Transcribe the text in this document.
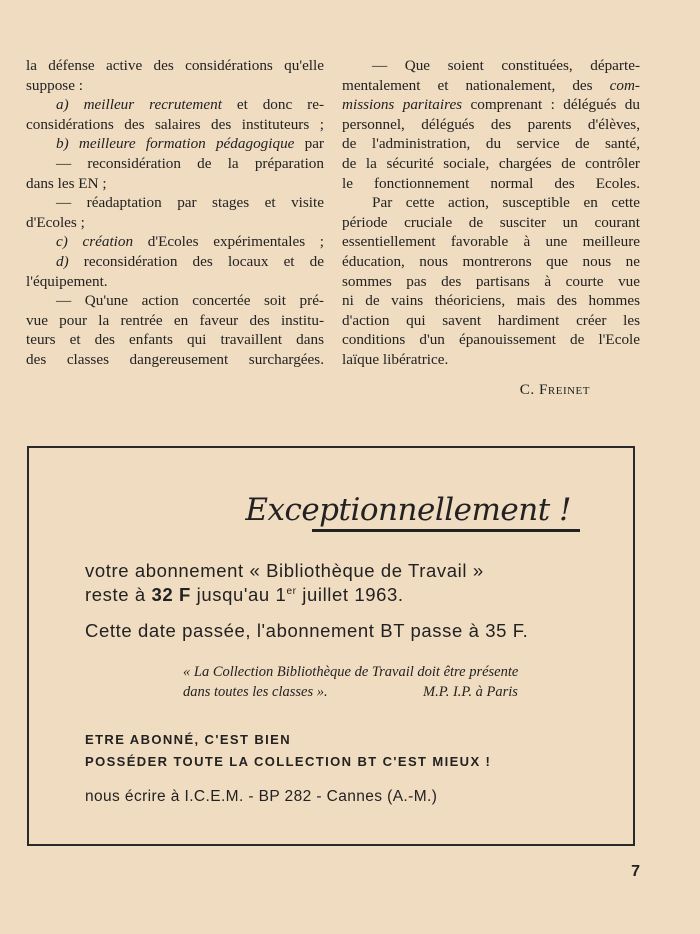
la défense active des considérations qu'elle

suppose :

a) meilleur recrutement et donc re-

considérations des salaires des instituteurs ;

b) meilleure formation pédagogique par

— reconsidération de la préparation

dans les EN ;

— réadaptation par stages et visite

d'Ecoles ;

c) création d'Ecoles expérimentales ;

d) reconsidération des locaux et de

l'équipement.

— Qu'une action concertée soit pré-

vue pour la rentrée en faveur des institu-

teurs et des enfants qui travaillent dans

des classes dangereusement surchargées.

— Que soient constituées, départe-

mentalement et nationalement, des com-

missions paritaires comprenant : délégués du

personnel, délégués des parents d'élèves,

de l'administration, du service de santé,

de la sécurité sociale, chargées de contrôler

le fonctionnement normal des Ecoles.

Par cette action, susceptible en cette

période cruciale de susciter un courant

essentiellement favorable à une meilleure

éducation, nous montrerons que nous ne

sommes pas des partisans à courte vue

ni de vains théoriciens, mais des hommes

d'action qui savent hardiment créer les

conditions d'un épanouissement de l'Ecole

laïque libératrice.

C. Freinet

Exceptionnellement !
votre abonnement « Bibliothèque de Travail »
reste à 32 F jusqu'au 1er juillet 1963.
Cette date passée, l'abonnement BT passe à 35 F.
« La Collection Bibliothèque de Travail doit être présente
dans toutes les classes ».	M.P. I.P. à Paris
ETRE ABONNÉ, C'EST BIEN
POSSÉDER TOUTE LA COLLECTION BT C'EST MIEUX !
nous écrire à I.C.E.M. - BP 282 - Cannes (A.-M.)
7
